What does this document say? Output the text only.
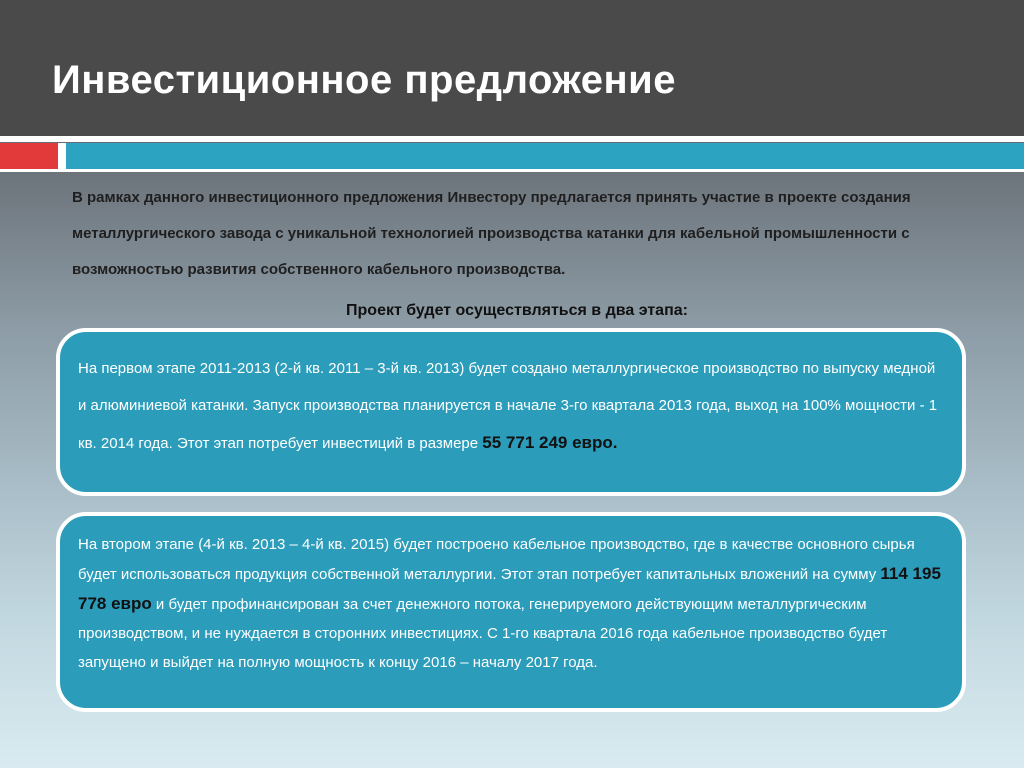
Инвестиционное предложение

В рамках данного инвестиционного предложения Инвестору предлагается принять участие в проекте создания металлургического завода с уникальной технологией производства катанки для кабельной промышленности с возможностью развития собственного кабельного производства.

Проект будет осуществляться в два этапа:

На первом этапе 2011-2013 (2-й кв. 2011 – 3-й кв. 2013) будет создано металлургическое производство по выпуску медной и алюминиевой катанки. Запуск производства планируется в начале 3-го квартала 2013 года, выход на 100% мощности - 1 кв. 2014 года. Этот этап потребует инвестиций в размере 55 771 249 евро.

На втором этапе (4-й кв. 2013 – 4-й кв. 2015) будет построено кабельное производство, где в качестве основного сырья будет использоваться продукция собственной металлургии. Этот этап потребует капитальных вложений на сумму 114 195 778 евро и будет профинансирован за счет денежного потока, генерируемого действующим металлургическим производством, и не нуждается в сторонних инвестициях. С 1-го квартала 2016 года кабельное производство будет запущено и выйдет на полную мощность к концу 2016 – началу 2017 года.
